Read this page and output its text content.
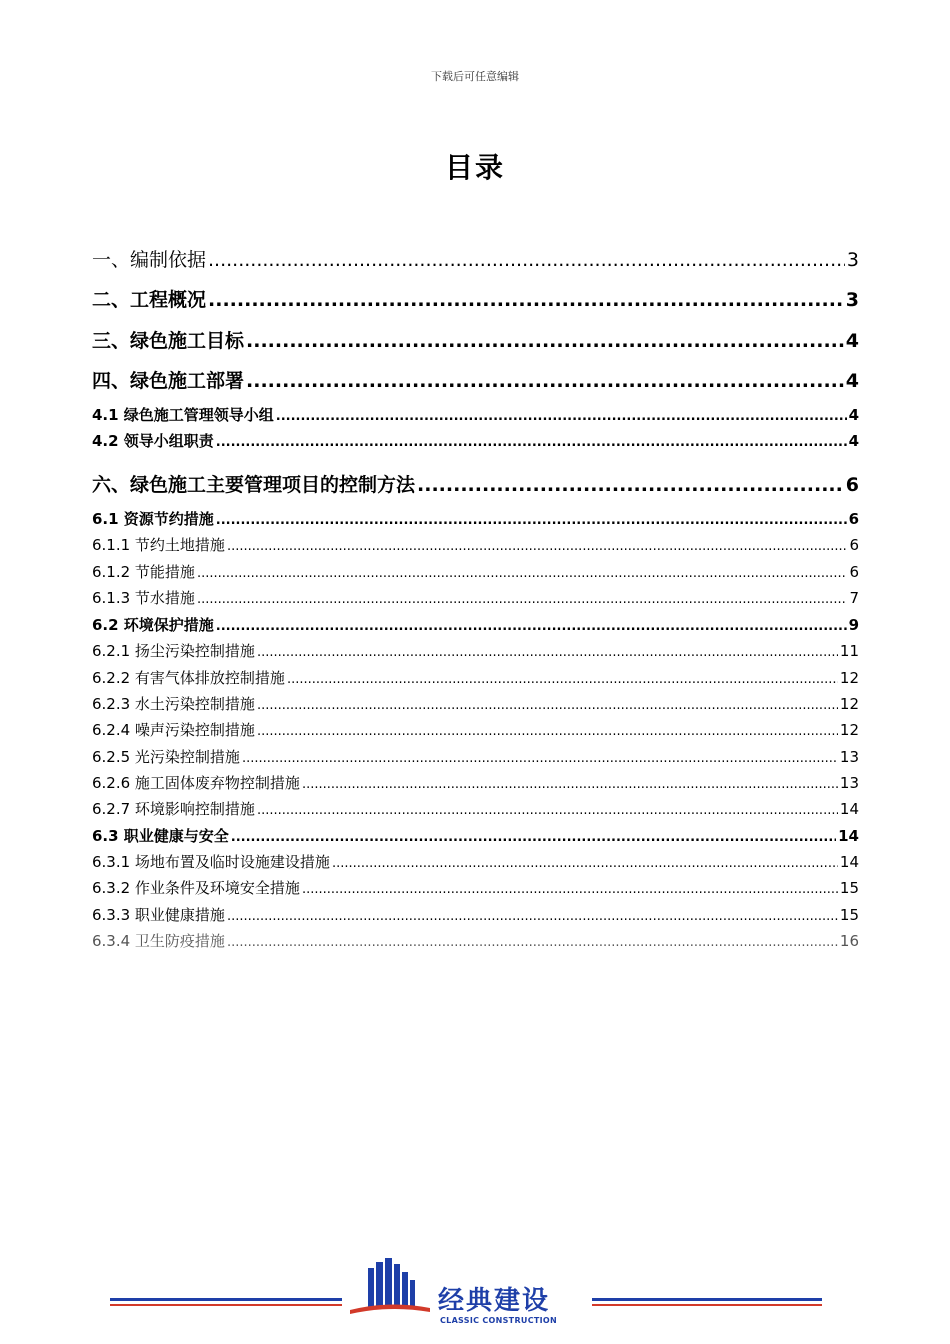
下载后可任意编辑
目录
一、编制依据 .....	3
二、工程概况 .....	3
三、绿色施工目标 .....	4
四、绿色施工部署 .....	4
4.1 绿色施工管理领导小组 .....	4
4.2 领导小组职责 .....	4
六、绿色施工主要管理项目的控制方法 .....	6
6.1 资源节约措施 .....	6
6.1.1 节约土地措施 .....	6
6.1.2 节能措施 .....	6
6.1.3 节水措施 .....	7
6.2 环境保护措施 .....	9
6.2.1 扬尘污染控制措施 .....	11
6.2.2 有害气体排放控制措施 .....	12
6.2.3 水土污染控制措施 .....	12
6.2.4 噪声污染控制措施 .....	12
6.2.5 光污染控制措施 .....	13
6.2.6 施工固体废弃物控制措施 .....	13
6.2.7 环境影响控制措施 .....	14
6.3 职业健康与安全 .....	14
6.3.1 场地布置及临时设施建设措施 .....	14
6.3.2 作业条件及环境安全措施 .....	15
6.3.3 职业健康措施 .....	15
6.3.4 卫生防疫措施 .....	16
经典建设
CLASSIC CONSTRUCTION
